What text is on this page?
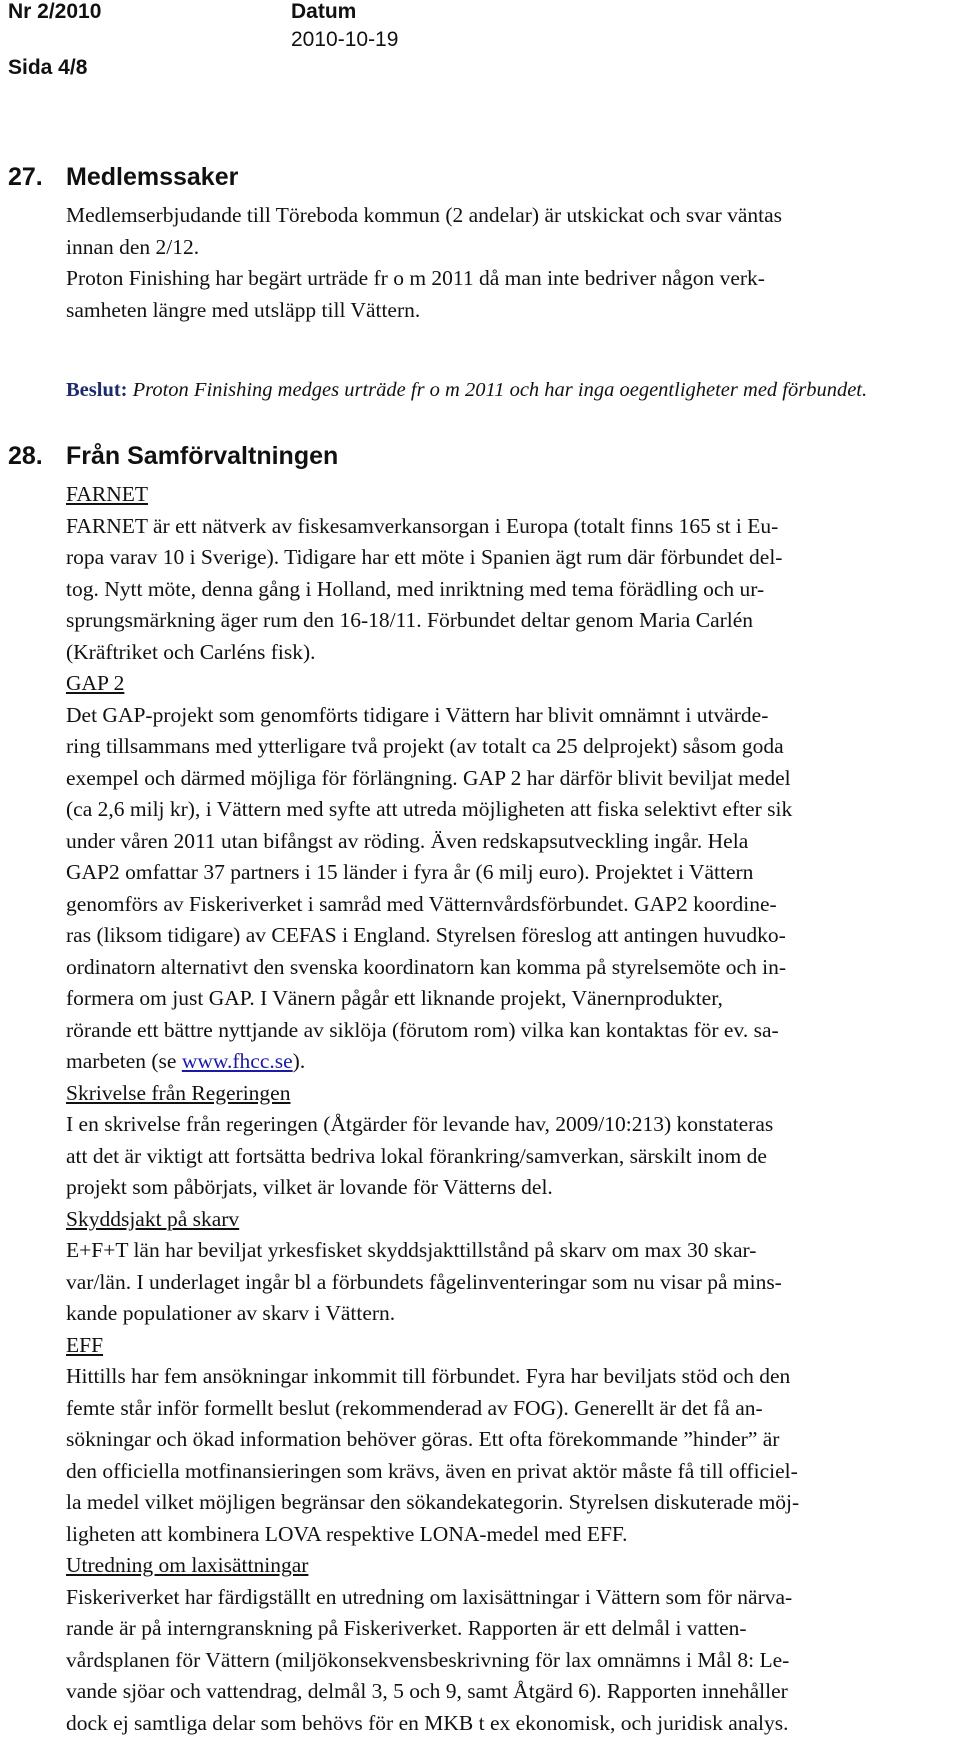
Nr 2/2010
Sida 4/8
Datum
2010-10-19
27. Medlemssaker
Medlemserbjudande till Töreboda kommun (2 andelar) är utskickat och svar väntas
innan den 2/12.
Proton Finishing har begärt urträde fr o m 2011 då man inte bedriver någon verk-
samheten längre med utsläpp till Vättern.
Beslut: Proton Finishing medges urträde fr o m 2011 och har inga oegentligheter med förbundet.
28. Från Samförvaltningen
FARNET
FARNET är ett nätverk av fiskesamverkansorgan i Europa (totalt finns 165 st i Eu-
ropa varav 10 i Sverige). Tidigare har ett möte i Spanien ägt rum där förbundet del-
tog. Nytt möte, denna gång i Holland, med inriktning med tema förädling och ur-
sprungsmärkning äger rum den 16-18/11. Förbundet deltar genom Maria Carlén
(Kräftriket och Carléns fisk).
GAP 2
Det GAP-projekt som genomförts tidigare i Vättern har blivit omnämnt i utvärde-
ring tillsammans med ytterligare två projekt (av totalt ca 25 delprojekt) såsom goda
exempel och därmed möjliga för förlängning. GAP 2 har därför blivit beviljat medel
(ca 2,6 milj kr), i Vättern med syfte att utreda möjligheten att fiska selektivt efter sik
under våren 2011 utan bifångst av röding. Även redskapsutveckling ingår. Hela
GAP2 omfattar 37 partners i 15 länder i fyra år (6 milj euro). Projektet i Vättern
genomförs av Fiskeriverket i samråd med Vätternvårdsförbundet. GAP2 koordine-
ras (liksom tidigare) av CEFAS i England. Styrelsen föreslog att antingen huvudko-
ordinatorn alternativt den svenska koordinatorn kan komma på styrelsemöte och in-
formera om just GAP. I Vänern pågår ett liknande projekt, Vänernprodukter,
rörande ett bättre nyttjande av siklöja (förutom rom) vilka kan kontaktas för ev. sa-
marbeten (se www.fhcc.se).
Skrivelse från Regeringen
I en skrivelse från regeringen (Åtgärder för levande hav, 2009/10:213) konstateras
att det är viktigt att fortsätta bedriva lokal förankring/samverkan, särskilt inom de
projekt som påbörjats, vilket är lovande för Vätterns del.
Skyddsjakt på skarv
E+F+T län har beviljat yrkesfisket skyddsjakttillstånd på skarv om max 30 skar-
var/län. I underlaget ingår bl a förbundets fågelinventeringar som nu visar på mins-
kande populationer av skarv i Vättern.
EFF
Hittills har fem ansökningar inkommit till förbundet. Fyra har beviljats stöd och den
femte står inför formellt beslut (rekommenderad av FOG). Generellt är det få an-
sökningar och ökad information behöver göras. Ett ofta förekommande ”hinder” är
den officiella motfinansieringen som krävs, även en privat aktör måste få till officiel-
la medel vilket möjligen begränsar den sökandekategorin. Styrelsen diskuterade möj-
ligheten att kombinera LOVA respektive LONA-medel med EFF.
Utredning om laxisättningar
Fiskeriverket har färdigställt en utredning om laxisättningar i Vättern som för närva-
rande är på interngranskning på Fiskeriverket. Rapporten är ett delmål i vatten-
vårdsplanen för Vättern (miljökonsekvensbeskrivning för lax omnämns i Mål 8: Le-
vande sjöar och vattendrag, delmål 3, 5 och 9, samt Åtgärd 6). Rapporten innehåller
dock ej samtliga delar som behövs för en MKB t ex ekonomisk, och juridisk analys.
